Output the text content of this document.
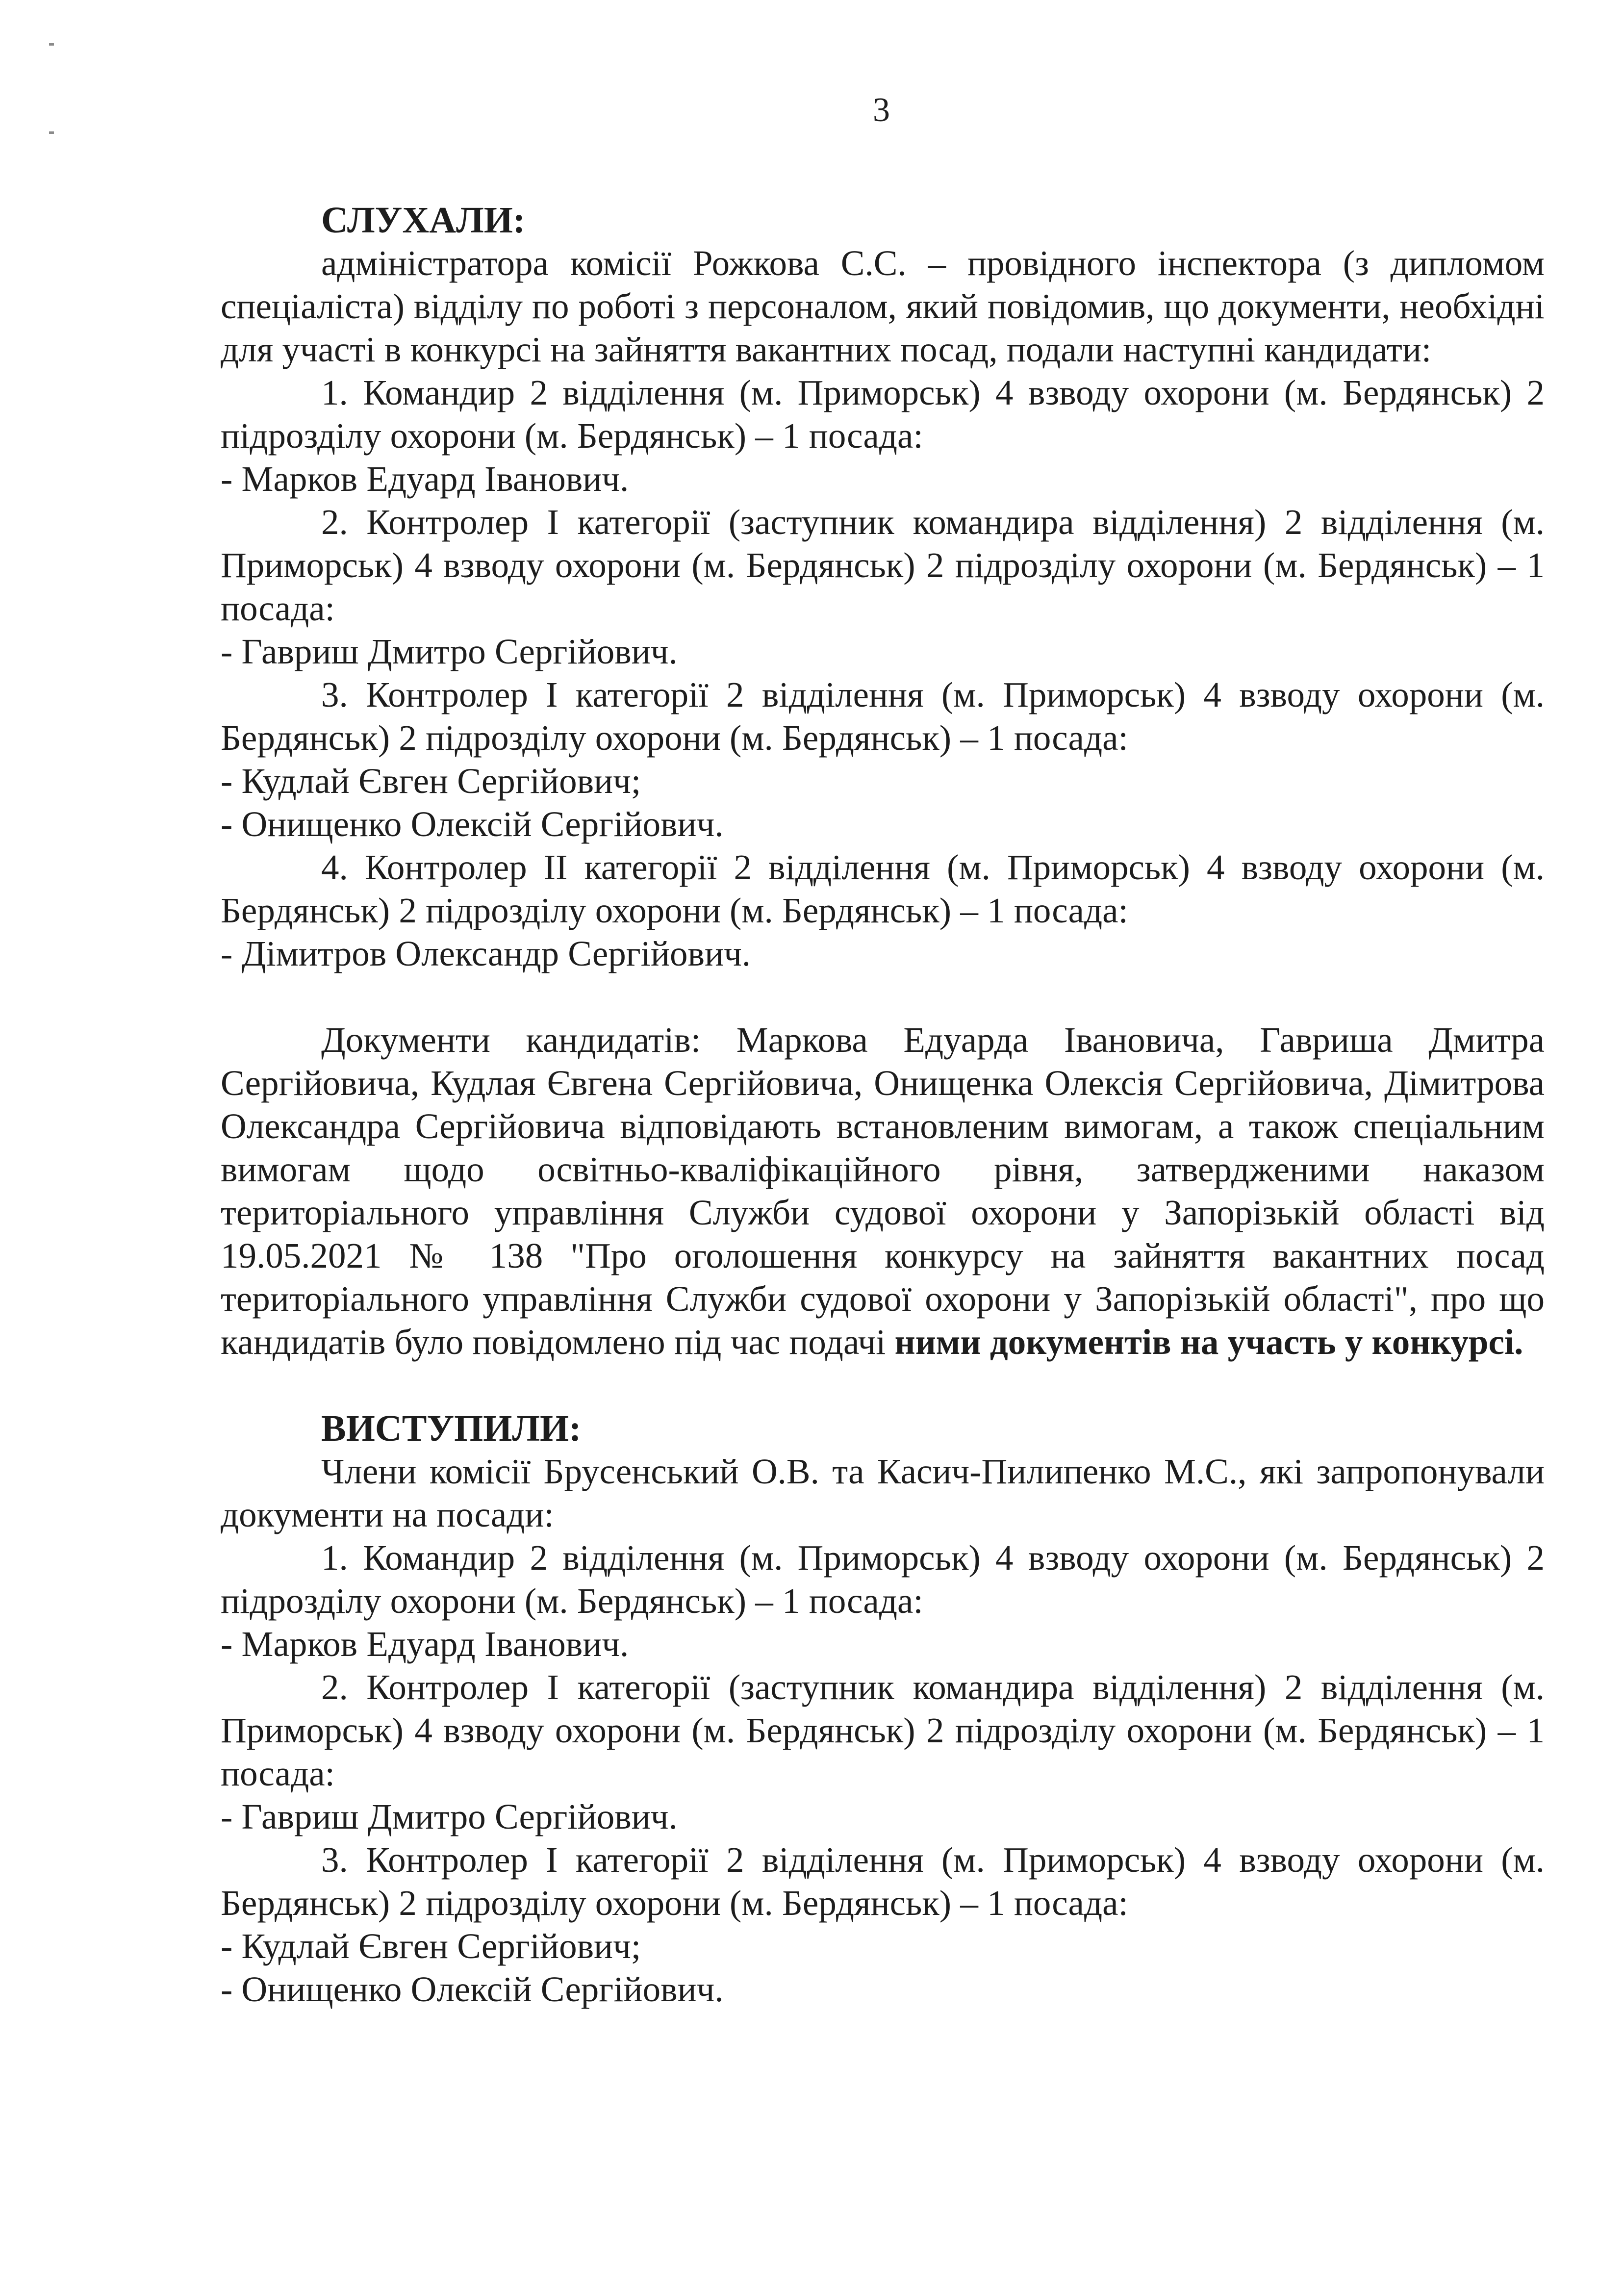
3
СЛУХАЛИ:

адміністратора комісії Рожкова С.С. – провідного інспектора (з дипломом спеціаліста) відділу по роботі з персоналом, який повідомив, що документи, необхідні для участі в конкурсі на зайняття вакантних посад, подали наступні кандидати:

1. Командир 2 відділення (м. Приморськ) 4 взводу охорони (м. Бердянськ) 2 підрозділу охорони (м. Бердянськ) – 1 посада:

- Марков Едуард Іванович.

2. Контролер I категорії (заступник командира відділення) 2 відділення (м. Приморськ) 4 взводу охорони (м. Бердянськ) 2 підрозділу охорони (м. Бердянськ) – 1 посада:

- Гавриш Дмитро Сергійович.

3. Контролер I категорії 2 відділення (м. Приморськ) 4 взводу охорони (м. Бердянськ) 2 підрозділу охорони (м. Бердянськ) – 1 посада:

- Кудлай Євген Сергійович;

- Онищенко Олексій Сергійович.

4. Контролер II категорії 2 відділення (м. Приморськ) 4 взводу охорони (м. Бердянськ) 2 підрозділу охорони (м. Бердянськ) – 1 посада:

- Дімитров Олександр Сергійович.

Документи кандидатів: Маркова Едуарда Івановича, Гавриша Дмитра Сергійовича, Кудлая Євгена Сергійовича, Онищенка Олексія Сергійовича, Дімитрова Олександра Сергійовича відповідають встановленим вимогам, а також спеціальним вимогам щодо освітньо-кваліфікаційного рівня, затвердженими наказом територіального управління Служби судової охорони у Запорізькій області від 19.05.2021 № 138 "Про оголошення конкурсу на зайняття вакантних посад територіального управління Служби судової охорони у Запорізькій області", про що кандидатів було повідомлено під час подачі ними документів на участь у конкурсі.

ВИСТУПИЛИ:

Члени комісії Брусенський О.В. та Касич-Пилипенко М.С., які запропонували документи на посади:

1. Командир 2 відділення (м. Приморськ) 4 взводу охорони (м. Бердянськ) 2 підрозділу охорони (м. Бердянськ) – 1 посада:

- Марков Едуард Іванович.

2. Контролер I категорії (заступник командира відділення) 2 відділення (м. Приморськ) 4 взводу охорони (м. Бердянськ) 2 підрозділу охорони (м. Бердянськ) – 1 посада:

- Гавриш Дмитро Сергійович.

3. Контролер I категорії 2 відділення (м. Приморськ) 4 взводу охорони (м. Бердянськ) 2 підрозділу охорони (м. Бердянськ) – 1 посада:

- Кудлай Євген Сергійович;

- Онищенко Олексій Сергійович.
